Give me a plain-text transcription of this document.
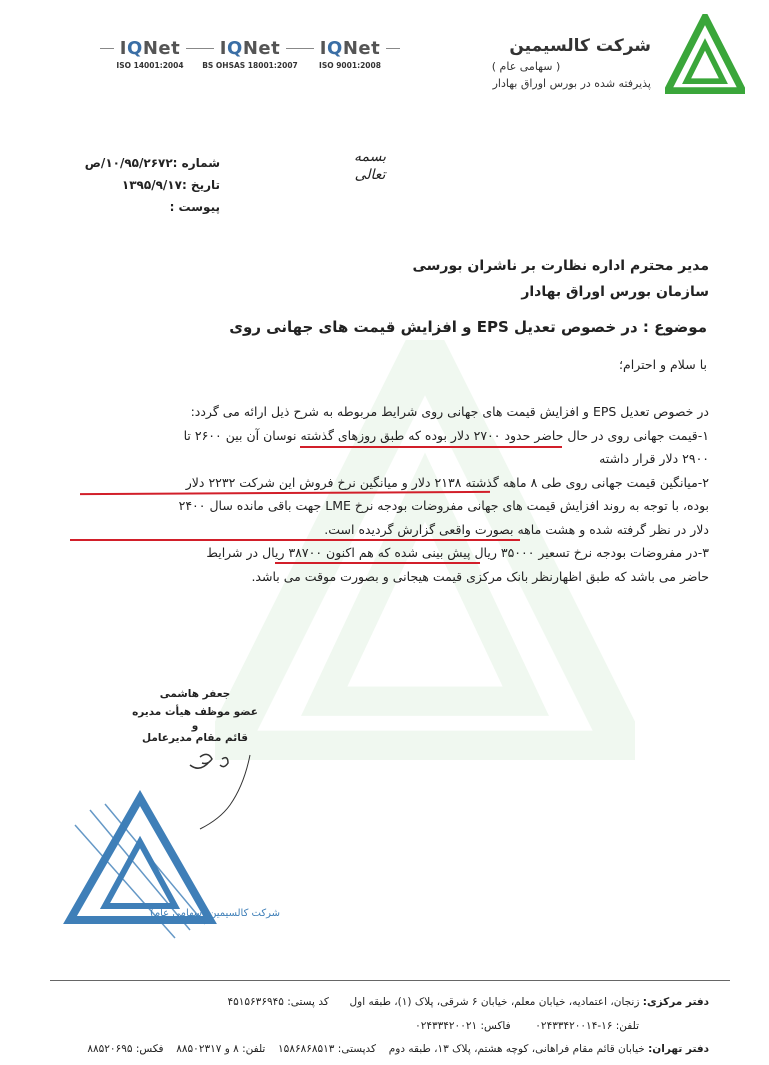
شرکت کالسیمین
( سهامی عام )
پذیرفته شده در بورس اوراق بهادار
IQNet
ISO 14001:2004
IQNet
BS OHSAS 18001:2007
IQNet
ISO 9001:2008
شماره :۱۰/۹۵/۲۶۷۲/ص
تاریخ :۱۳۹۵/۹/۱۷
پیوست :
بسمه تعالی
مدیر محترم اداره نظارت بر ناشران بورسی
سازمان بورس اوراق بهادار
موضوع : در خصوص تعدیل EPS و افزایش قیمت های جهانی روی
با سلام و احترام؛
در خصوص تعدیل EPS و افزایش قیمت های جهانی روی شرایط مربوطه به شرح ذیل ارائه می گردد:
۱-قیمت جهانی روی در حال حاضر حدود ۲۷۰۰ دلار بوده که طبق روزهای گذشته نوسان آن بین ۲۶۰۰ تا
۲۹۰۰ دلار قرار داشته
۲-میانگین قیمت جهانی روی طی ۸ ماهه گذشته ۲۱۳۸ دلار و میانگین نرخ فروش این شرکت ۲۲۳۲ دلار
بوده، با توجه به روند افزایش قیمت های جهانی مفروضات بودجه نرخ LME جهت باقی مانده سال ۲۴۰۰
دلار در نظر گرفته شده و هشت ماهه بصورت واقعی گزارش گردیده است.
۳-در مفروضات بودجه نرخ تسعیر ۳۵۰۰۰ ریال پیش بینی شده که هم اکنون ۳۸۷۰۰ ریال در شرایط
حاضر می باشد که طبق اظهارنظر بانک مرکزی قیمت هیجانی و بصورت موقت می باشد.
جعفر هاشمی
عضو موظف هیأت مدیره
و
قائم مقام مدیرعامل
شرکت کالسیمین (سهامی عام)
دفتر مرکزی: زنجان، اعتمادیه، خیابان معلم، خیابان ۶ شرقی، پلاک (۱)، طبقه اول  کد پستی: ۴۵۱۵۶۳۶۹۴۵
تلفن: ۱۶-۰۲۴۳۳۴۲۰۰۱۴  فاکس: ۰۲۴۳۳۴۲۰۰۲۱
دفتر تهران: خیابان قائم مقام فراهانی، کوچه هشتم، پلاک ۱۳، طبقه دوم  کدپستی: ۱۵۸۶۸۶۸۵۱۳  تلفن: ۸ و ۸۸۵۰۲۳۱۷  فکس: ۸۸۵۲۰۶۹۵
